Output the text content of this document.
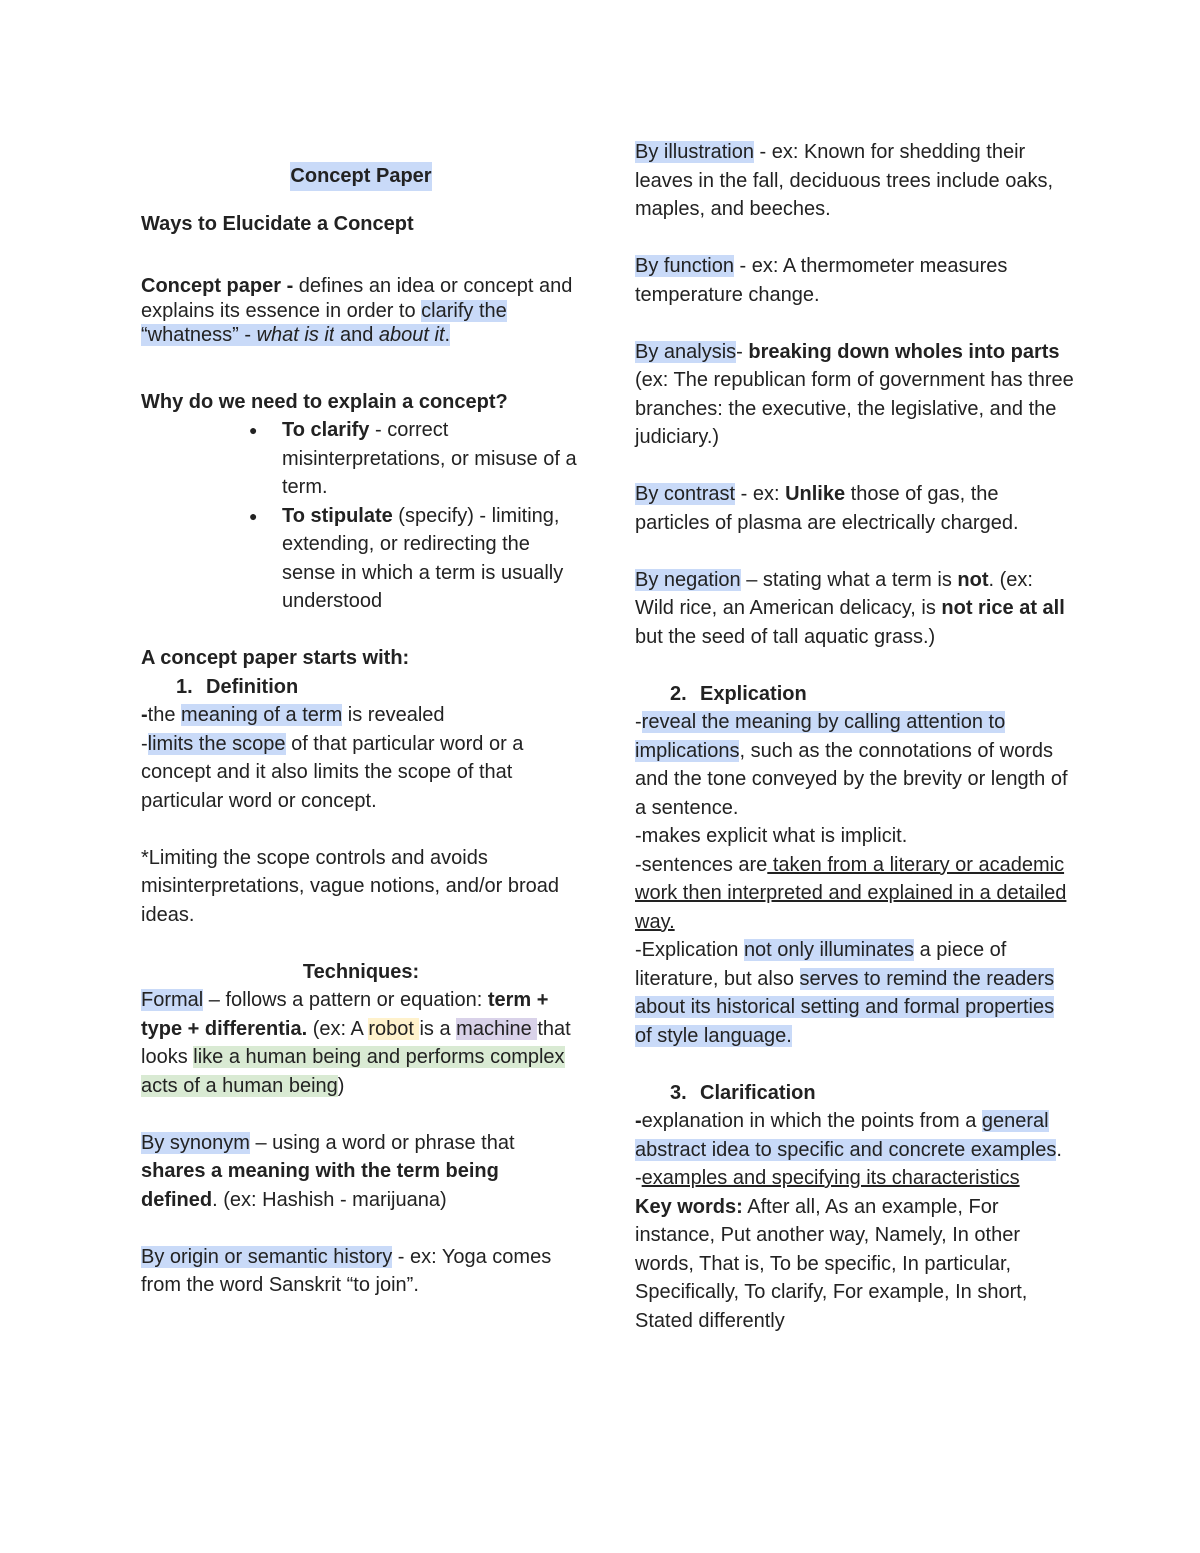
Concept Paper

Ways to Elucidate a Concept

Concept paper - defines an idea or concept and explains its essence in order to clarify the “whatness” - what is it and about it.

Why do we need to explain a concept?

● To clarify - correct misinterpretations, or misuse of a term.
● To stipulate (specify) - limiting, extending, or redirecting the sense in which a term is usually understood

A concept paper starts with:

1. Definition

-the meaning of a term is revealed

-limits the scope of that particular word or a concept and it also limits the scope of that particular word or concept.

*Limiting the scope controls and avoids misinterpretations, vague notions, and/or broad ideas.

Techniques:

Formal – follows a pattern or equation: term + type + differentia. (ex: A robot is a machine that looks like a human being and performs complex acts of a human being)

By synonym – using a word or phrase that shares a meaning with the term being defined. (ex: Hashish - marijuana)

By origin or semantic history - ex: Yoga comes from the word Sanskrit “to join”.

By illustration - ex: Known for shedding their leaves in the fall, deciduous trees include oaks, maples, and beeches.

By function - ex: A thermometer measures temperature change.

By analysis- breaking down wholes into parts (ex: The republican form of government has three branches: the executive, the legislative, and the judiciary.)

By contrast - ex: Unlike those of gas, the particles of plasma are electrically charged.

By negation – stating what a term is not. (ex: Wild rice, an American delicacy, is not rice at all but the seed of tall aquatic grass.)

2. Explication

-reveal the meaning by calling attention to implications, such as the connotations of words and the tone conveyed by the brevity or length of a sentence.

-makes explicit what is implicit.

-sentences are taken from a literary or academic work then interpreted and explained in a detailed way.

-Explication not only illuminates a piece of literature, but also serves to remind the readers about its historical setting and formal properties of style language.

3. Clarification

-explanation in which the points from a general abstract idea to specific and concrete examples.

-examples and specifying its characteristics

Key words: After all, As an example, For instance, Put another way, Namely, In other words, That is, To be specific, In particular, Specifically, To clarify, For example, In short, Stated differently
